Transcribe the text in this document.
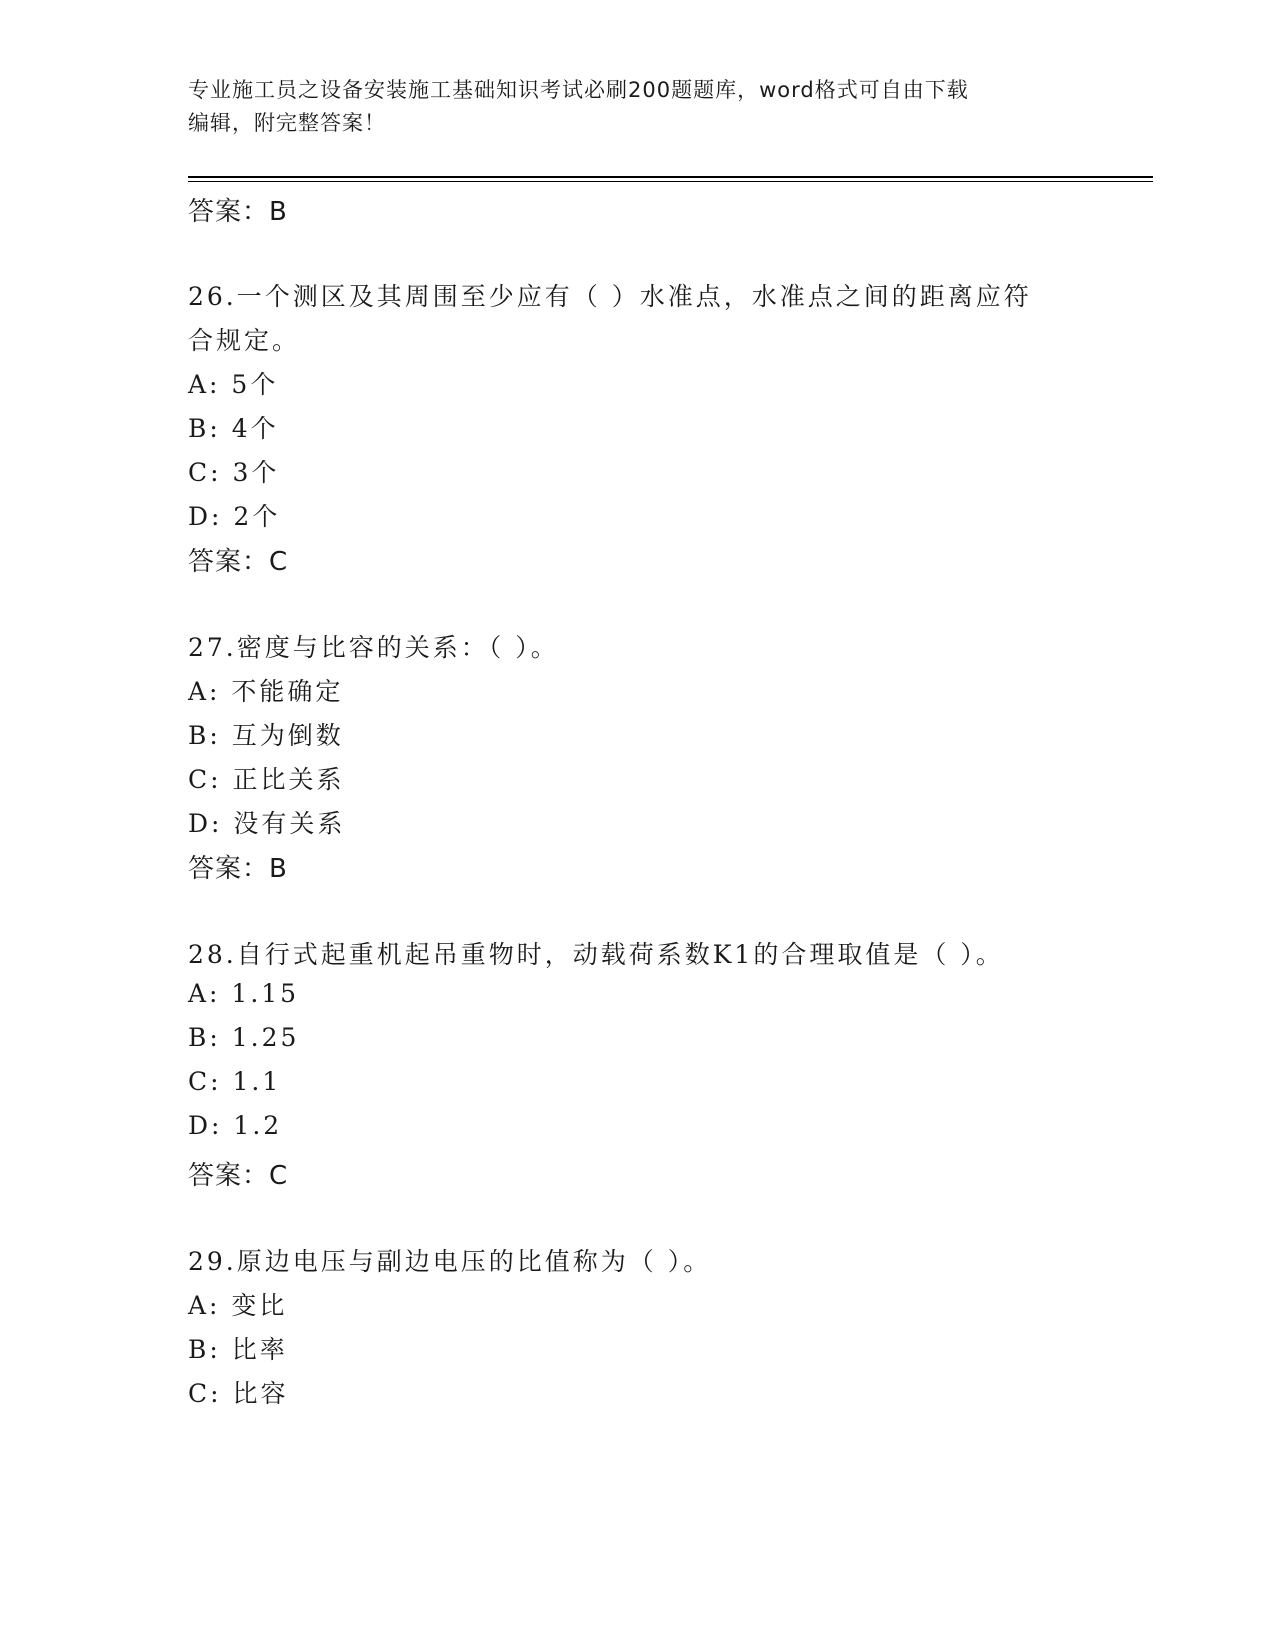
专业施工员之设备安装施工基础知识考试必刷200题题库，word格式可自由下载
编辑，附完整答案！
答案：B
26.一个测区及其周围至少应有（ ）水准点，水准点之间的距离应符
合规定。
A: 5个
B: 4个
C: 3个
D: 2个
答案：C
27.密度与比容的关系：（ ）。
A: 不能确定
B: 互为倒数
C: 正比关系
D: 没有关系
答案：B
28.自行式起重机起吊重物时，动载荷系数K1的合理取值是（ ）。
A: 1.15
B: 1.25
C: 1.1
D: 1.2
答案：C
29.原边电压与副边电压的比值称为（ ）。
A: 变比
B: 比率
C: 比容
